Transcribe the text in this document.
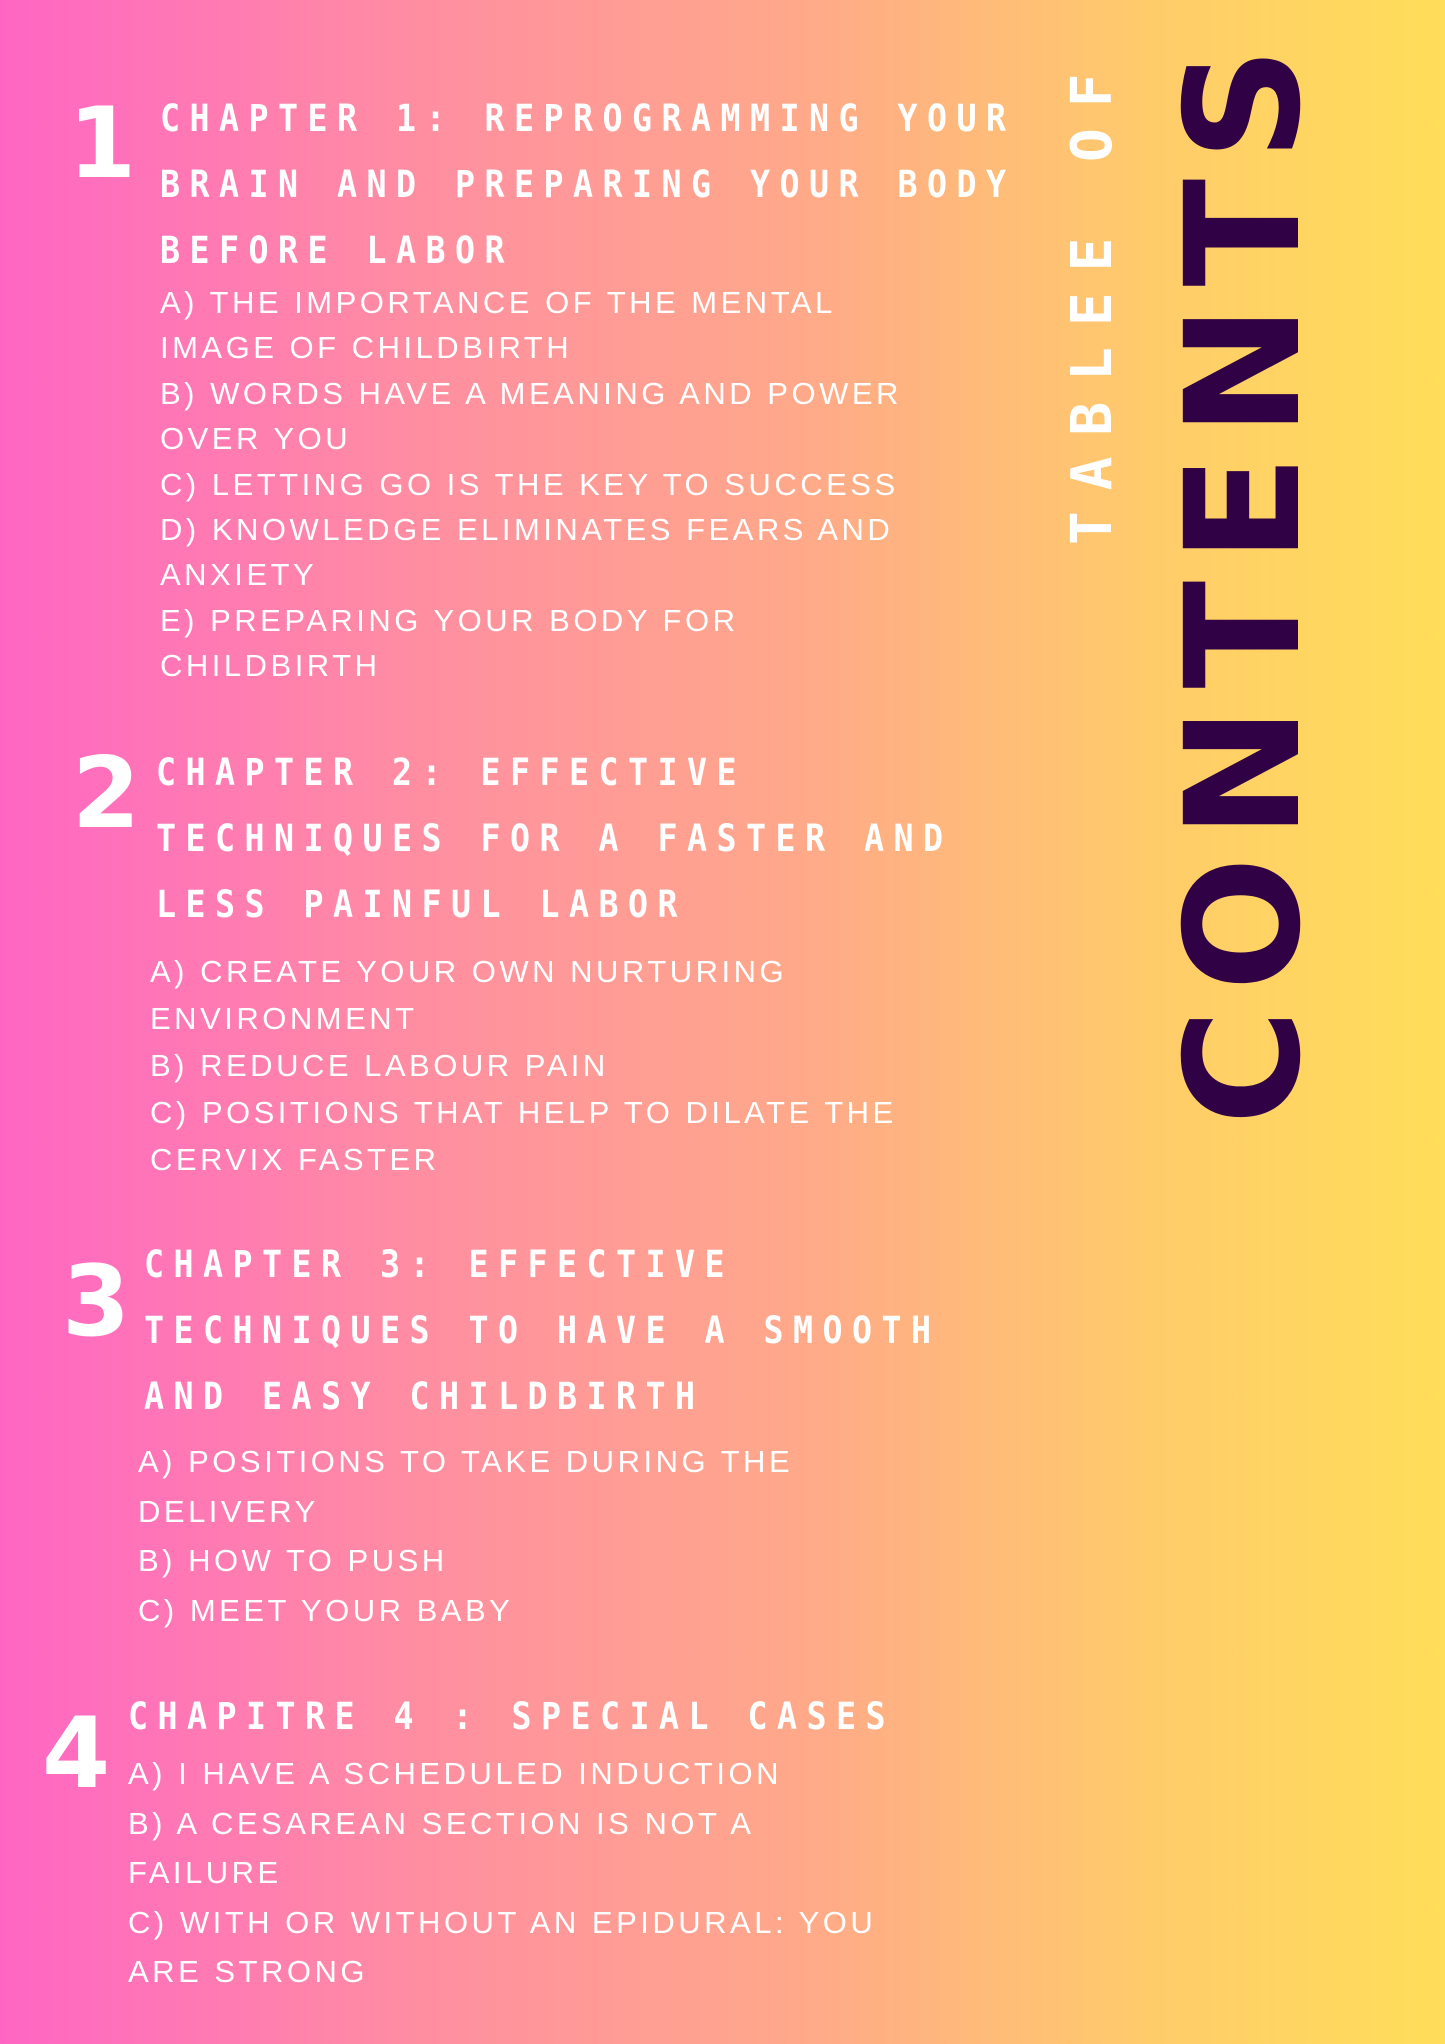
TABLEE OF CONTENTS
1 CHAPTER 1: REPROGRAMMING YOUR
BRAIN AND PREPARING YOUR BODY
BEFORE LABOR
A) THE IMPORTANCE OF THE MENTAL
IMAGE OF CHILDBIRTH
B) WORDS HAVE A MEANING AND POWER
OVER YOU
C) LETTING GO IS THE KEY TO SUCCESS
D) KNOWLEDGE ELIMINATES FEARS AND
ANXIETY
E) PREPARING YOUR BODY FOR
CHILDBIRTH
2 CHAPTER 2: EFFECTIVE
TECHNIQUES FOR A FASTER AND
LESS PAINFUL LABOR
A) CREATE YOUR OWN NURTURING
ENVIRONMENT
B) REDUCE LABOUR PAIN
C) POSITIONS THAT HELP TO DILATE THE
CERVIX FASTER
3 CHAPTER 3: EFFECTIVE
TECHNIQUES TO HAVE A SMOOTH
AND EASY CHILDBIRTH
A) POSITIONS TO TAKE DURING THE
DELIVERY
B) HOW TO PUSH
C) MEET YOUR BABY
4 CHAPITRE 4 : SPECIAL CASES
A) I HAVE A SCHEDULED INDUCTION
B) A CESAREAN SECTION IS NOT A
FAILURE
C) WITH OR WITHOUT AN EPIDURAL: YOU
ARE STRONG
